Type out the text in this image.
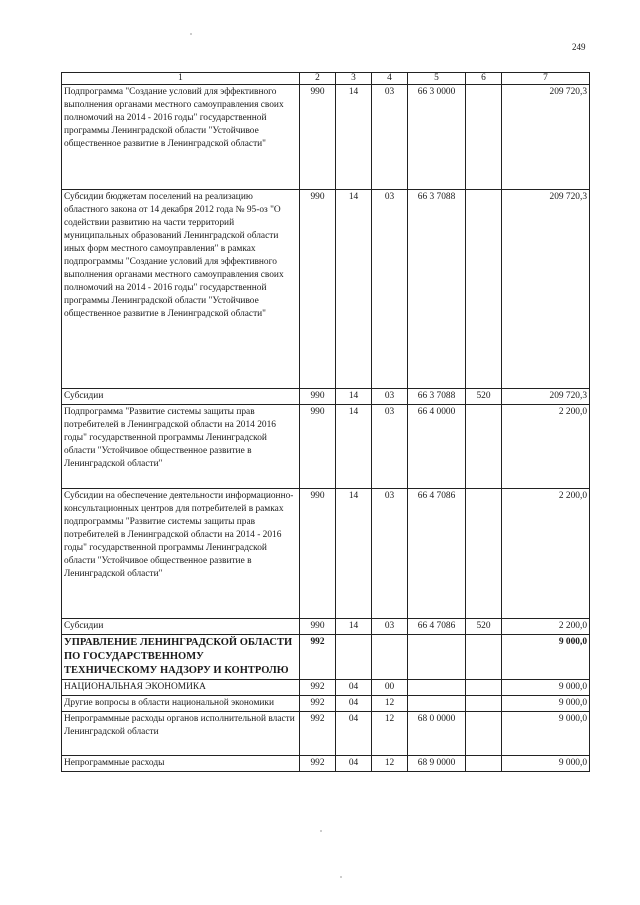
249
1	2	3	4	5	6	7
Подпрограмма "Создание условий для эффективного выполнения органами местного самоуправления своих полномочий на 2014 - 2016 годы" государственной программы Ленинградской области "Устойчивое общественное развитие в Ленинградской области"	990	14	03	66 3 0000		209 720,3
Субсидии бюджетам поселений на реализацию областного закона от 14 декабря 2012 года № 95-оз "О содействии развитию на части территорий муниципальных образований Ленинградской области иных форм местного самоуправления" в рамках подпрограммы "Создание условий для эффективного выполнения органами местного самоуправления своих полномочий на 2014 - 2016 годы" государственной программы Ленинградской области "Устойчивое общественное развитие в Ленинградской области"	990	14	03	66 3 7088		209 720,3
Субсидии	990	14	03	66 3 7088	520	209 720,3
Подпрограмма "Развитие системы защиты прав потребителей в Ленинградской области на 2014 2016 годы" государственной программы Ленинградской области "Устойчивое общественное развитие в Ленинградской области"	990	14	03	66 4 0000		2 200,0
Субсидии на обеспечение деятельности информационно-консультационных центров для потребителей в рамках подпрограммы "Развитие системы защиты прав потребителей в Ленинградской области на 2014 - 2016 годы" государственной программы Ленинградской области "Устойчивое общественное развитие в Ленинградской области"	990	14	03	66 4 7086		2 200,0
Субсидии	990	14	03	66 4 7086	520	2 200,0
УПРАВЛЕНИЕ ЛЕНИНГРАДСКОЙ ОБЛАСТИ ПО ГОСУДАРСТВЕННОМУ ТЕХНИЧЕСКОМУ НАДЗОРУ И КОНТРОЛЮ	992					9 000,0
НАЦИОНАЛЬНАЯ ЭКОНОМИКА	992	04	00			9 000,0
Другие вопросы в области национальной экономики	992	04	12			9 000,0
Непрограммные расходы органов исполнительной власти Ленинградской области	992	04	12	68 0 0000		9 000,0
Непрограммные расходы	992	04	12	68 9 0000		9 000,0
